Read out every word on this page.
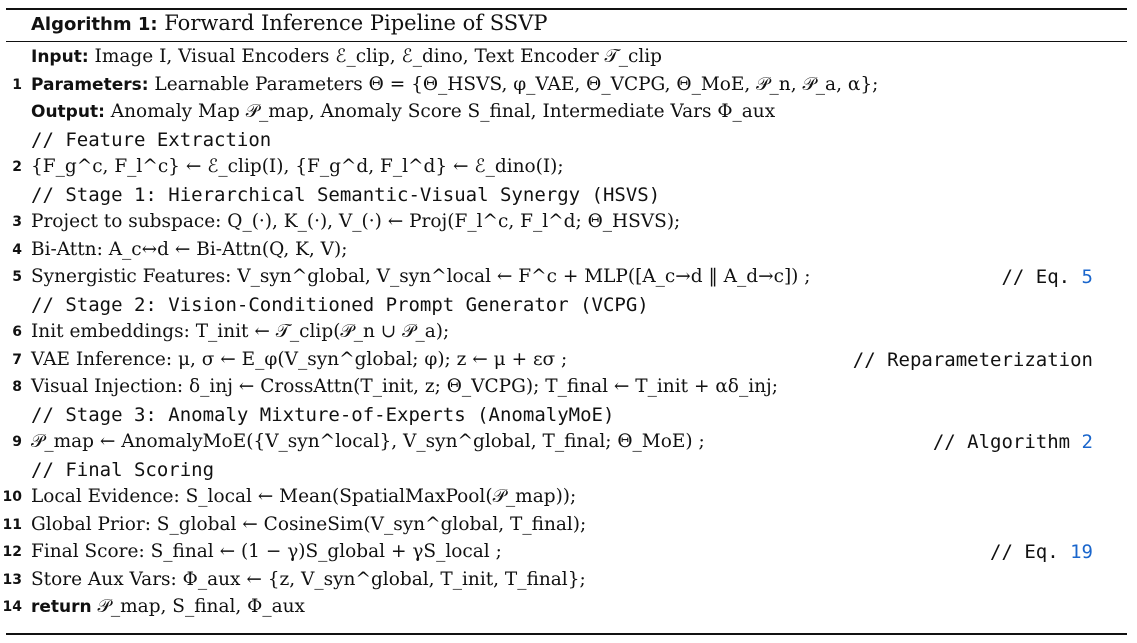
Algorithm 1: Forward Inference Pipeline of SSVP
Input: Image I, Visual Encoders ℰ_clip, ℰ_dino, Text Encoder 𝒯_clip
1 Parameters: Learnable Parameters Θ = {Θ_HSVS, φ_VAE, Θ_VCPG, Θ_MoE, 𝒫_n, 𝒫_a, α};
Output: Anomaly Map 𝒫_map, Anomaly Score S_final, Intermediate Vars Φ_aux
// Feature Extraction
2 {F_g^c, F_l^c} ← ℰ_clip(I), {F_g^d, F_l^d} ← ℰ_dino(I);
// Stage 1: Hierarchical Semantic-Visual Synergy (HSVS)
3 Project to subspace: Q_(·), K_(·), V_(·) ← Proj(F_l^c, F_l^d; Θ_HSVS);
4 Bi-Attn: A_c↔d ← Bi-Attn(Q, K, V);
5 Synergistic Features: V_syn^global, V_syn^local ← F^c + MLP([A_c→d ‖ A_d→c]) ;	// Eq. 5
// Stage 2: Vision-Conditioned Prompt Generator (VCPG)
6 Init embeddings: T_init ← 𝒯_clip(𝒫_n ∪ 𝒫_a);
7 VAE Inference: μ, σ ← E_φ(V_syn^global; φ); z ← μ + εσ ;	// Reparameterization
8 Visual Injection: δ_inj ← CrossAttn(T_init, z; Θ_VCPG); T_final ← T_init + αδ_inj;
// Stage 3: Anomaly Mixture-of-Experts (AnomalyMoE)
9 𝒫_map ← AnomalyMoE({V_syn^local}, V_syn^global, T_final; Θ_MoE) ;	// Algorithm 2
// Final Scoring
10 Local Evidence: S_local ← Mean(SpatialMaxPool(𝒫_map));
11 Global Prior: S_global ← CosineSim(V_syn^global, T_final);
12 Final Score: S_final ← (1 − γ)S_global + γS_local ;	// Eq. 19
13 Store Aux Vars: Φ_aux ← {z, V_syn^global, T_init, T_final};
14 return 𝒫_map, S_final, Φ_aux
